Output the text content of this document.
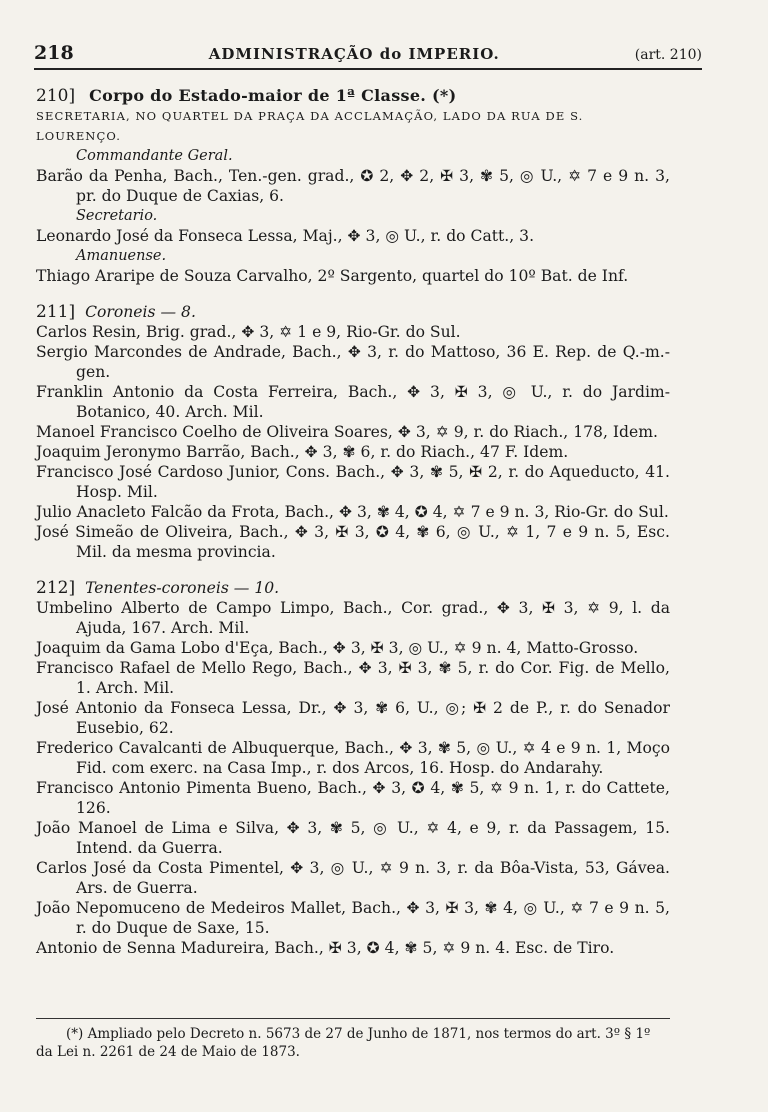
218	ADMINISTRAÇÃO do IMPERIO.	(art. 210)
210] Corpo do Estado-maior de 1ª Classe. (*)

SECRETARIA, NO QUARTEL DA PRAÇA DA ACCLAMAÇÃO, LADO DA RUA DE S. LOURENÇO.

Commandante Geral.

Barão da Penha, Bach., Ten.-gen. grad., ✪ 2, ✥ 2, ✠ 3, ✾ 5, ◎ U., ✡ 7 e 9 n. 3, pr. do Duque de Caxias, 6.

Secretario.

Leonardo José da Fonseca Lessa, Maj., ✥ 3, ◎ U., r. do Catt., 3.

Amanuense.

Thiago Araripe de Souza Carvalho, 2º Sargento, quartel do 10º Bat. de Inf.

211] Coroneis — 8.

Carlos Resin, Brig. grad., ✥ 3, ✡ 1 e 9, Rio-Gr. do Sul.

Sergio Marcondes de Andrade, Bach., ✥ 3, r. do Mattoso, 36 E. Rep. de Q.-m.-gen.

Franklin Antonio da Costa Ferreira, Bach., ✥ 3, ✠ 3, ◎ U., r. do Jardim-Botanico, 40. Arch. Mil.

Manoel Francisco Coelho de Oliveira Soares, ✥ 3, ✡ 9, r. do Riach., 178, Idem.

Joaquim Jeronymo Barrão, Bach., ✥ 3, ✾ 6, r. do Riach., 47 F. Idem.

Francisco José Cardoso Junior, Cons. Bach., ✥ 3, ✾ 5, ✠ 2, r. do Aqueducto, 41. Hosp. Mil.

Julio Anacleto Falcão da Frota, Bach., ✥ 3, ✾ 4, ✪ 4, ✡ 7 e 9 n. 3, Rio-Gr. do Sul.

José Simeão de Oliveira, Bach., ✥ 3, ✠ 3, ✪ 4, ✾ 6, ◎ U., ✡ 1, 7 e 9 n. 5, Esc. Mil. da mesma provincia.

212] Tenentes-coroneis — 10.

Umbelino Alberto de Campo Limpo, Bach., Cor. grad., ✥ 3, ✠ 3, ✡ 9, l. da Ajuda, 167. Arch. Mil.

Joaquim da Gama Lobo d'Eça, Bach., ✥ 3, ✠ 3, ◎ U., ✡ 9 n. 4, Matto-Grosso.

Francisco Rafael de Mello Rego, Bach., ✥ 3, ✠ 3, ✾ 5, r. do Cor. Fig. de Mello, 1. Arch. Mil.

José Antonio da Fonseca Lessa, Dr., ✥ 3, ✾ 6, U., ◎; ✠ 2 de P., r. do Senador Eusebio, 62.

Frederico Cavalcanti de Albuquerque, Bach., ✥ 3, ✾ 5, ◎ U., ✡ 4 e 9 n. 1, Moço Fid. com exerc. na Casa Imp., r. dos Arcos, 16. Hosp. do Andarahy.

Francisco Antonio Pimenta Bueno, Bach., ✥ 3, ✪ 4, ✾ 5, ✡ 9 n. 1, r. do Cattete, 126.

João Manoel de Lima e Silva, ✥ 3, ✾ 5, ◎ U., ✡ 4, e 9, r. da Passagem, 15. Intend. da Guerra.

Carlos José da Costa Pimentel, ✥ 3, ◎ U., ✡ 9 n. 3, r. da Bôa-Vista, 53, Gávea. Ars. de Guerra.

João Nepomuceno de Medeiros Mallet, Bach., ✥ 3, ✠ 3, ✾ 4, ◎ U., ✡ 7 e 9 n. 5, r. do Duque de Saxe, 15.

Antonio de Senna Madureira, Bach., ✠ 3, ✪ 4, ✾ 5, ✡ 9 n. 4. Esc. de Tiro.

(*) Ampliado pelo Decreto n. 5673 de 27 de Junho de 1871, nos termos do art. 3º § 1º da Lei n. 2261 de 24 de Maio de 1873.
